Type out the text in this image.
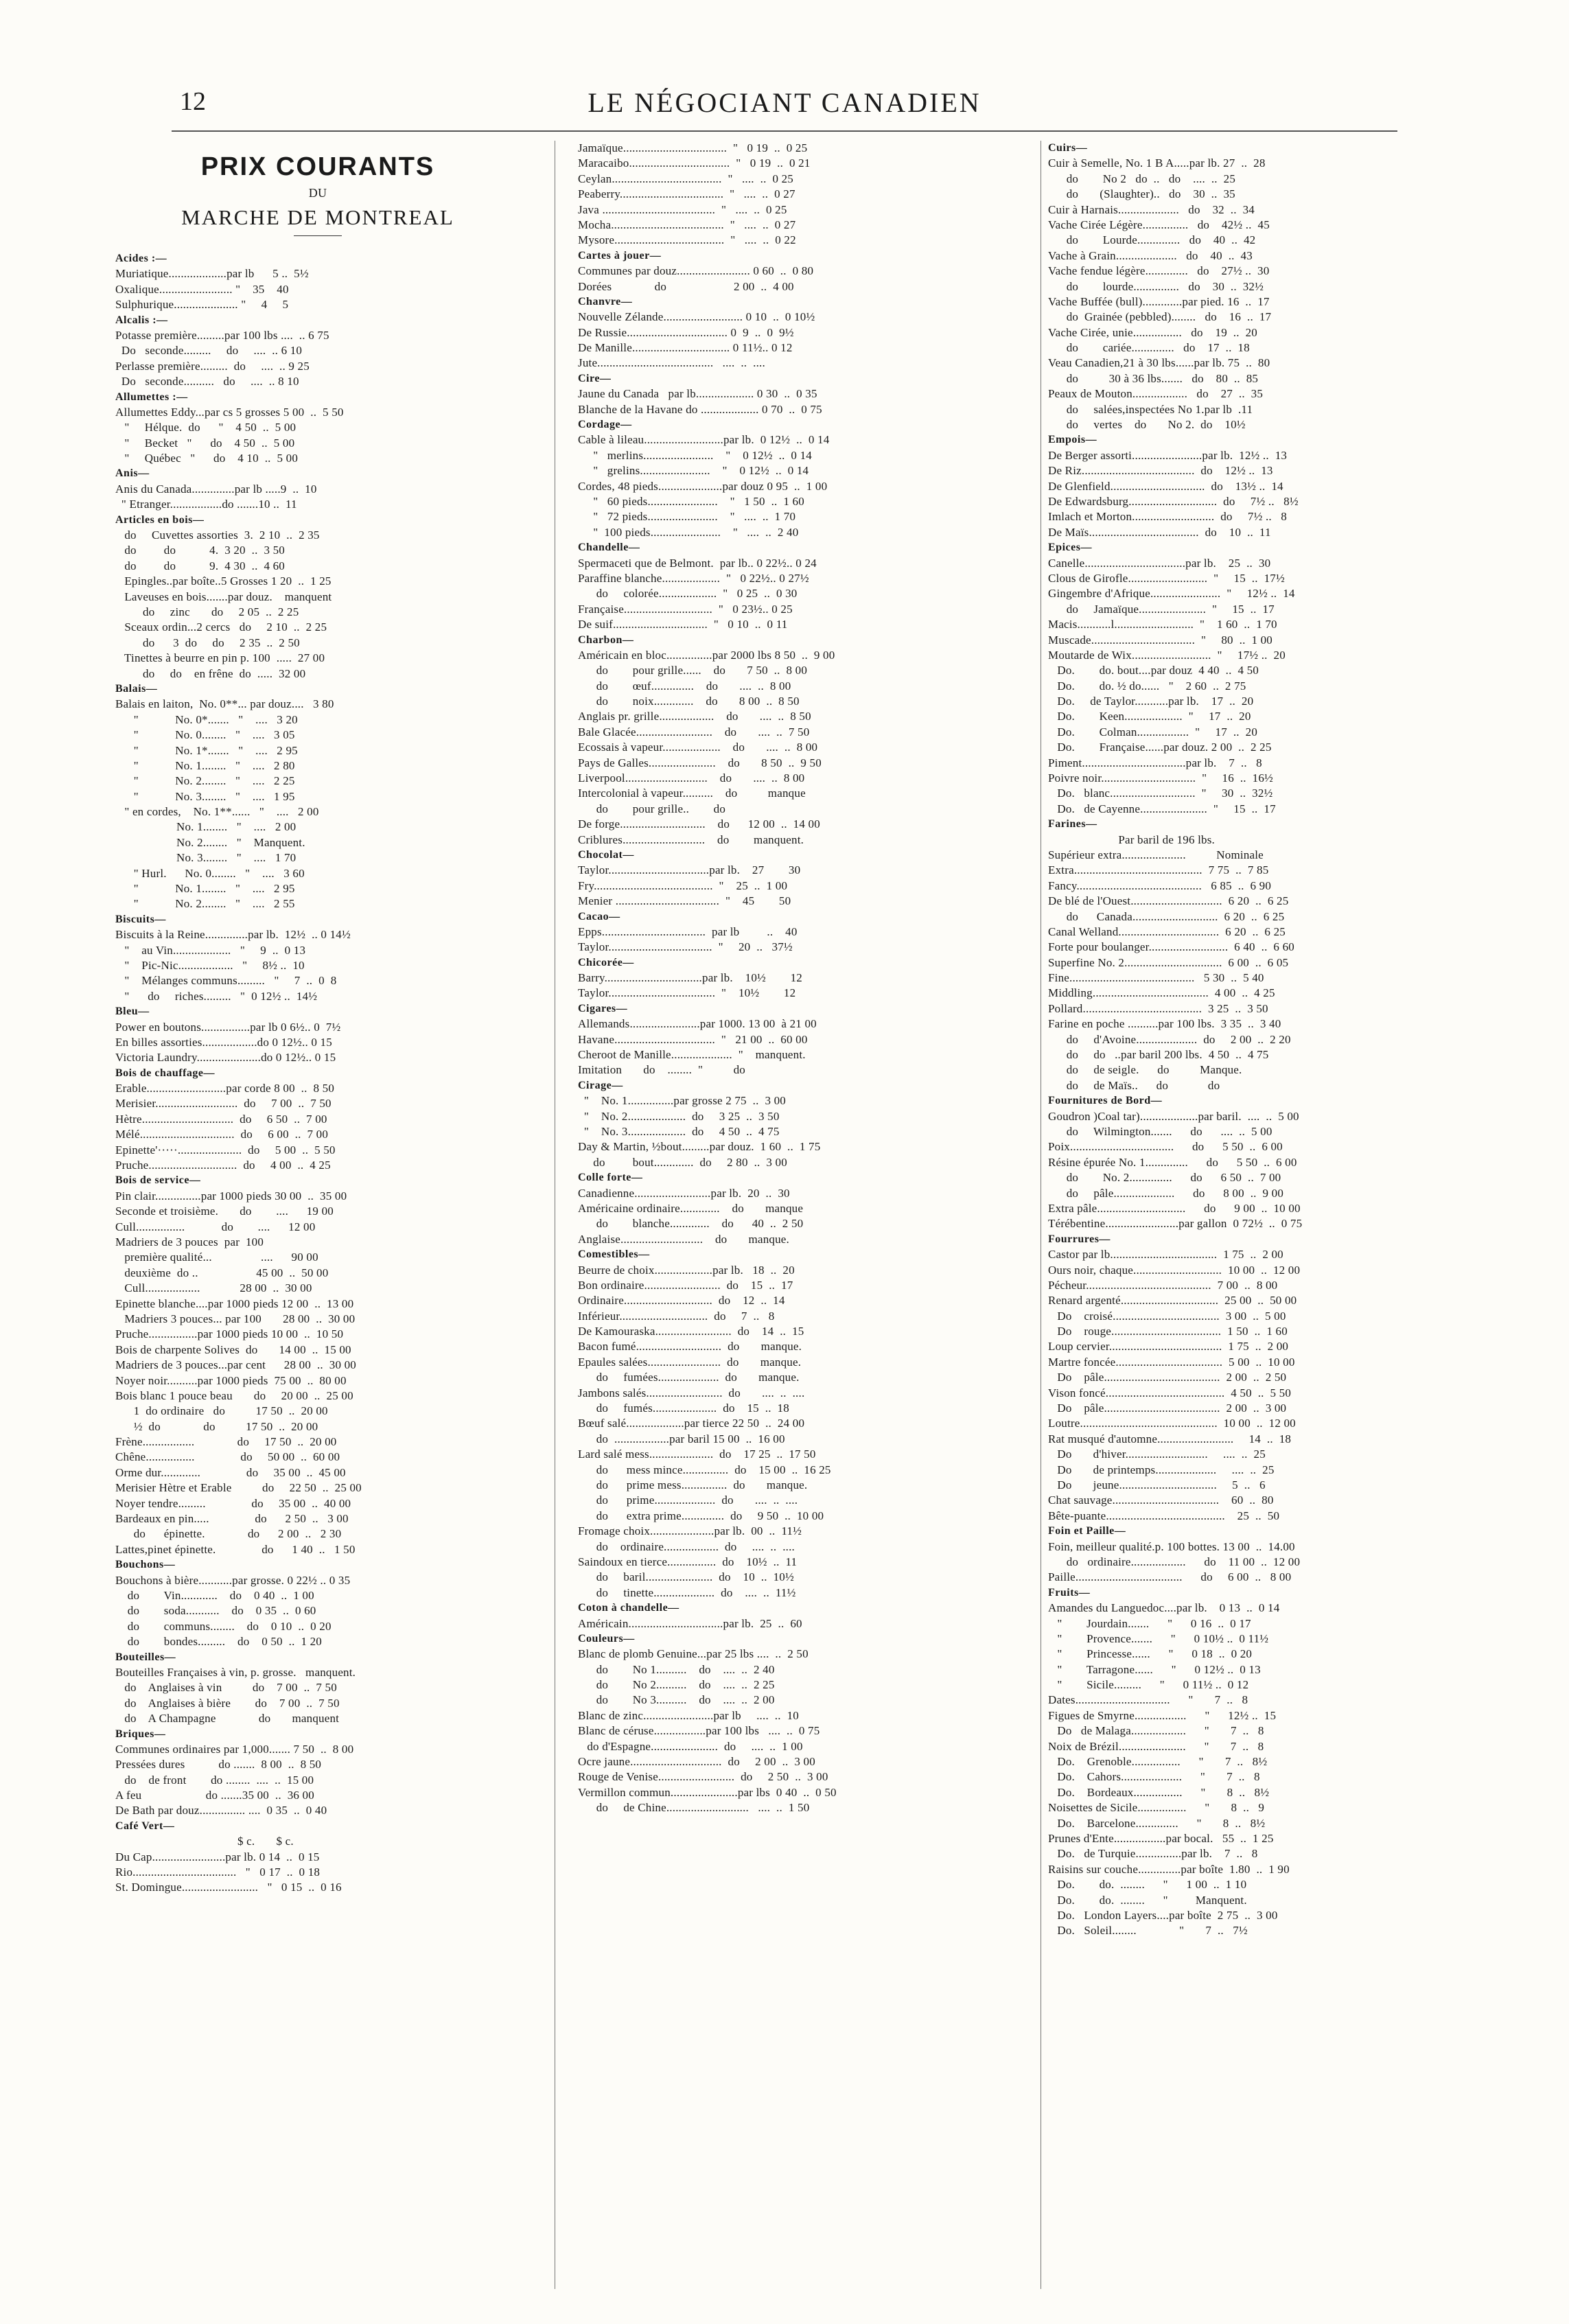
12	LE NÉGOCIANT CANADIEN
PRIX COURANTS
DU
MARCHE DE MONTREAL
Acides :—
Muriatique...................par lb      5 ..  5½
Oxalique........................ "    35    40
Sulphurique..................... "     4     5
Alcalis :—
Potasse première.........par 100 lbs ....  .. 6 75
Do   seconde.........     do     ....  .. 6 10
Perlasse première.........  do     ....  .. 9 25
Do   seconde..........   do     ....  .. 8 10
Allumettes :—
Allumettes Eddy...par cs 5 grosses 5 00  ..  5 50
"     Hélque.  do      "    4 50  ..  5 00
"     Becket   "      do    4 50  ..  5 00
"     Québec   "      do    4 10  ..  5 00
Anis—
Anis du Canada..............par lb .....9  ..  10
" Etranger.................do .......10 ..  11
Articles en bois—
do     Cuvettes assorties  3.  2 10  ..  2 35
do         do           4.  3 20  ..  3 50
do         do           9.  4 30  ..  4 60
Epingles..par boîte..5 Grosses 1 20  ..  1 25
Laveuses en bois.......par douz.    manquent
do     zinc       do     2 05  ..  2 25
Sceaux ordin...2 cercs   do     2 10  ..  2 25
do      3  do     do     2 35  ..  2 50
Tinettes à beurre en pin p. 100  .....  27 00
do     do    en frêne  do  .....  32 00
Balais—
Balais en laiton,  No. 0**... par douz....   3 80
"            No. 0*.......   "    ....   3 20
"            No. 0........   "    ....   3 05
"            No. 1*.......   "    ....   2 95
"            No. 1........   "    ....   2 80
"            No. 2........   "    ....   2 25
"            No. 3........   "    ....   1 95
" en cordes,    No. 1**......   "    ....   2 00
No. 1........   "    ....   2 00
No. 2........   "    Manquent.
No. 3........   "    ....   1 70
" Hurl.      No. 0........   "    ....   3 60
"            No. 1........   "    ....   2 95
"            No. 2........   "    ....   2 55
Biscuits—
Biscuits à la Reine..............par lb.  12½  .. 0 14½
"    au Vin...................   "     9  ..  0 13
"    Pic-Nic..................   "     8½ ..  10
"    Mélanges communs.........   "     7  ..  0  8
"      do     riches.........   "  0 12½ ..  14½
Bleu—
Power en boutons................par lb 0 6½.. 0  7½
En billes assorties..................do 0 12½.. 0 15
Victoria Laundry.....................do 0 12½.. 0 15
Bois de chauffage—
Erable..........................par corde 8 00  ..  8 50
Merisier...........................  do     7 00  ..  7 50
Hètre..............................  do     6 50  ..  7 00
Mélé...............................  do     6 00  ..  7 00
Epinette'·····.....................  do     5 00  ..  5 50
Pruche.............................  do     4 00  ..  4 25
Bois de service—
Pin clair...............par 1000 pieds 30 00  ..  35 00
Seconde et troisième.       do        ....      19 00
Cull................            do        ....      12 00
Madriers de 3 pouces  par  100
première qualité...                ....      90 00
deuxième  do ..                   45 00  ..  50 00
Cull..................             28 00  ..  30 00
Epinette blanche....par 1000 pieds 12 00  ..  13 00
Madriers 3 pouces... par 100       28 00  ..  30 00
Pruche................par 1000 pieds 10 00  ..  10 50
Bois de charpente Solives  do       14 00  ..  15 00
Madriers de 3 pouces...par cent      28 00  ..  30 00
Noyer noir..........par 1000 pieds  75 00  ..  80 00
Bois blanc 1 pouce beau       do     20 00  ..  25 00
1  do ordinaire   do          17 50  ..  20 00
½  do              do          17 50  ..  20 00
Frène.................              do     17 50  ..  20 00
Chêne................               do     50 00  ..  60 00
Orme dur.............               do     35 00  ..  45 00
Merisier Hètre et Erable          do     22 50  ..  25 00
Noyer tendre.........               do     35 00  ..  40 00
Bardeaux en pin.....               do      2 50  ..   3 00
do      épinette.              do      2 00  ..   2 30
Lattes,pinet épinette.               do      1 40  ..   1 50
Bouchons—
Bouchons à bière...........par grosse. 0 22½ .. 0 35
do        Vin............    do    0 40  ..  1 00
do        soda...........    do    0 35  ..  0 60
do        communs........    do    0 10  ..  0 20
do        bondes.........    do    0 50  ..  1 20
Bouteilles—
Bouteilles Françaises à vin, p. grosse.   manquent.
do    Anglaises à vin          do    7 00  ..  7 50
do    Anglaises à bière        do    7 00  ..  7 50
do    A Champagne              do       manquent
Briques—
Communes ordinaires par 1,000....... 7 50  ..  8 00
Pressées dures           do .......  8 00  ..  8 50
do    de front        do ........  ....  ..  15 00
A feu                     do .......35 00  ..  36 00
De Bath par douz............... ....  0 35  ..  0 40
Café Vert—
$ c.       $ c.
Du Cap........................par lb. 0 14  ..  0 15
Rio..................................   "   0 17  ..  0 18
St. Domingue.........................   "   0 15  ..  0 16
Jamaïque..................................  "   0 19  ..  0 25
Maracaibo.................................  "   0 19  ..  0 21
Ceylan....................................  "   ....  ..  0 25
Peaberry..................................  "   ....  ..  0 27
Java .....................................  "   ....  ..  0 25
Mocha.....................................  "   ....  ..  0 27
Mysore....................................  "   ....  ..  0 22
Cartes à jouer—
Communes par douz........................ 0 60  ..  0 80
Dorées              do                      2 00  ..  4 00
Chanvre—
Nouvelle Zélande.......................... 0 10  ..  0 10½
De Russie................................. 0  9  ..  0  9½
De Manille................................ 0 11½.. 0 12
Jute......................................   ....  ..  ....
Cire—
Jaune du Canada   par lb................... 0 30  ..  0 35
Blanche de la Havane do ................... 0 70  ..  0 75
Cordage—
Cable à lileau..........................par lb.  0 12½  ..  0 14
"   merlins.......................    "    0 12½  ..  0 14
"   grelins.......................    "    0 12½  ..  0 14
Cordes, 48 pieds.....................par douz 0 95  ..  1 00
"   60 pieds.......................    "   1 50  ..  1 60
"   72 pieds.......................    "   ....  ..  1 70
"  100 pieds.......................    "   ....  ..  2 40
Chandelle—
Spermaceti que de Belmont.  par lb.. 0 22½.. 0 24
Paraffine blanche...................  "   0 22½.. 0 27½
do     colorée...................  "   0 25  ..  0 30
Française.............................  "   0 23½.. 0 25
De suif...............................  "   0 10  ..  0 11
Charbon—
Américain en bloc...............par 2000 lbs 8 50  ..  9 00
do        pour grille......    do       7 50  ..  8 00
do        œuf..............    do       ....  ..  8 00
do        noix.............    do       8 00  ..  8 50
Anglais pr. grille..................    do       ....  ..  8 50
Bale Glacée.........................    do       ....  ..  7 50
Ecossais à vapeur...................    do       ....  ..  8 00
Pays de Galles......................    do       8 50  ..  9 50
Liverpool...........................    do       ....  ..  8 00
Intercolonial à vapeur..........    do          manque
do        pour grille..        do
De forge............................    do      12 00  ..  14 00
Criblures...........................    do        manquent.
Chocolat—
Taylor.................................par lb.    27        30
Fry.......................................  "    25  ..  1 00
Menier ..................................  "    45        50
Cacao—
Epps..................................  par lb         ..    40
Taylor..................................  "     20  ..   37½
Chicorée—
Barry................................par lb.    10½        12
Taylor...................................  "    10½        12
Cigares—
Allemands.......................par 1000. 13 00  à 21 00
Havane.................................  "   21 00  ..  60 00
Cheroot de Manille....................  "    manquent.
Imitation       do    ........  "          do
Cirage—
"    No. 1...............par grosse 2 75  ..  3 00
"    No. 2...................  do     3 25  ..  3 50
"    No. 3...................  do     4 50  ..  4 75
Day & Martin, ½bout.........par douz.  1 60  ..  1 75
do         bout.............  do     2 80  ..  3 00
Colle forte—
Canadienne.........................par lb.  20  ..  30
Américaine ordinaire.............    do       manque
do        blanche.............    do      40  ..  2 50
Anglaise...........................    do       manque.
Comestibles—
Beurre de choix...................par lb.   18  ..  20
Bon ordinaire.........................  do    15  ..  17
Ordinaire.............................  do    12  ..  14
Inférieur.............................  do     7  ..   8
De Kamouraska.........................  do    14  ..  15
Bacon fumé............................  do       manque.
Epaules salées........................  do       manque.
do     fumées....................  do       manque.
Jambons salés.........................  do       ....  ..  ....
do     fumés.....................  do    15  ..  18
Bœuf salé...................par tierce 22 50  ..  24 00
do  ..................par baril 15 00  ..  16 00
Lard salé mess.....................  do    17 25  ..  17 50
do      mess mince...............  do    15 00  ..  16 25
do      prime mess...............  do       manque.
do      prime....................  do       ....  ..  ....
do      extra prime..............  do     9 50  ..  10 00
Fromage choix.....................par lb.  00  ..  11½
do    ordinaire..................  do     ....  ..  ....
Saindoux en tierce................  do    10½  ..  11
do     baril......................  do    10  ..  10½
do     tinette....................  do    ....  ..  11½
Coton à chandelle—
Américain...............................par lb.  25  ..  60
Couleurs—
Blanc de plomb Genuine...par 25 lbs ....  ..  2 50
do        No 1..........    do    ....  ..  2 40
do        No 2..........    do    ....  ..  2 25
do        No 3..........    do    ....  ..  2 00
Blanc de zinc.......................par lb     ....  ..  10
Blanc de céruse.................par 100 lbs   ....  ..  0 75
do d'Espagne......................  do     ....  ..  1 00
Ocre jaune..............................  do     2 00  ..  3 00
Rouge de Venise.........................  do     2 50  ..  3 00
Vermillon commun......................par lbs  0 40  ..  0 50
do     de Chine...........................   ....  ..  1 50
Cuirs—
Cuir à Semelle, No. 1 B A.....par lb. 27  ..  28
do        No 2   do  ..   do    ....  ..  25
do       (Slaughter)..   do    30  ..  35
Cuir à Harnais....................   do    32  ..  34
Vache Cirée Légère...............   do    42½ ..  45
do        Lourde..............   do    40  ..  42
Vache à Grain....................   do    40  ..  43
Vache fendue légère..............   do    27½ ..  30
do        lourde...............   do    30  ..  32½
Vache Buffée (bull).............par pied. 16  ..  17
do  Grainée (pebbled)........   do    16  ..  17
Vache Cirée, unie................   do    19  ..  20
do        cariée..............   do    17  ..  18
Veau Canadien,21 à 30 lbs......par lb. 75  ..  80
do          30 à 36 lbs.......   do    80  ..  85
Peaux de Mouton..................   do    27  ..  35
do     salées,inspectées No 1.par lb  .11
do     vertes    do       No 2.  do    10½
Empois—
De Berger assorti.......................par lb.  12½ ..  13
De Riz.....................................  do    12½ ..  13
De Glenfield...............................  do    13½ ..  14
De Edwardsburg.............................  do     7½ ..   8½
Imlach et Morton...........................  do     7½ ..   8
De Maïs....................................  do    10  ..  11
Epices—
Canelle.................................par lb.    25  ..  30
Clous de Girofle..........................  "     15  ..  17½
Gingembre d'Afrique.......................  "     12½ ..  14
do     Jamaïque......................  "     15  ..  17
Macis...........l..........................  "    1 60  ..  1 70
Muscade..................................  "     80  ..  1 00
Moutarde de Wix..........................  "     17½ ..  20
Do.        do. bout....par douz  4 40  ..  4 50
Do.        do. ½ do......   "    2 60  ..  2 75
Do.     de Taylor...........par lb.    17  ..  20
Do.        Keen...................  "     17  ..  20
Do.        Colman.................  "     17  ..  20
Do.        Française......par douz. 2 00  ..  2 25
Piment..................................par lb.    7  ..   8
Poivre noir...............................  "     16  ..  16½
Do.   blanc............................  "     30  ..  32½
Do.   de Cayenne......................  "     15  ..  17
Farines—
Par baril de 196 lbs.
Supérieur extra.....................          Nominale
Extra..........................................  7 75  ..  7 85
Fancy.........................................   6 85  ..  6 90
De blé de l'Ouest..............................  6 20  ..  6 25
do      Canada............................  6 20  ..  6 25
Canal Welland.................................  6 20  ..  6 25
Forte pour boulanger..........................  6 40  ..  6 60
Superfine No. 2................................  6 00  ..  6 05
Fine.........................................   5 30  ..  5 40
Middling......................................  4 00  ..  4 25
Pollard.......................................  3 25  ..  3 50
Farine en poche ..........par 100 lbs.  3 35  ..  3 40
do     d'Avoine....................  do     2 00  ..  2 20
do     do   ..par baril 200 lbs.  4 50  ..  4 75
do     de seigle.      do          Manque.
do     de Maïs..      do             do
Fournitures de Bord—
Goudron )Coal tar)...................par baril.  ....  ..  5 00
do     Wilmington.......      do      ....  ..  5 00
Poix..................................      do      5 50  ..  6 00
Résine épurée No. 1..............      do      5 50  ..  6 00
do        No. 2..............      do      6 50  ..  7 00
do     pâle....................      do      8 00  ..  9 00
Extra pâle.............................      do      9 00  ..  10 00
Térébentine........................par gallon  0 72½  ..  0 75
Fourrures—
Castor par lb...................................  1 75  ..  2 00
Ours noir, chaque.............................  10 00  ..  12 00
Pécheur.........................................  7 00  ..  8 00
Renard argenté................................  25 00  ..  50 00
Do    croisé...................................  3 00  ..  5 00
Do    rouge....................................  1 50  ..  1 60
Loup cervier.....................................  1 75  ..  2 00
Martre foncée...................................  5 00  ..  10 00
Do    pâle......................................  2 00  ..  2 50
Vison foncé.......................................  4 50  ..  5 50
Do    pâle......................................  2 00  ..  3 00
Loutre.............................................  10 00  ..  12 00
Rat musqué d'automne.........................     14  ..  18
Do       d'hiver...........................     ....  ..  25
Do       de printemps....................     ....  ..  25
Do       jeune................................     5  ..   6
Chat sauvage...................................    60  ..  80
Bête-puante.......................................    25  ..  50
Foin et Paille—
Foin, meilleur qualité.p. 100 bottes. 13 00  ..  14.00
do   ordinaire..................      do    11 00  ..  12 00
Paille...................................      do     6 00  ..   8 00
Fruits—
Amandes du Languedoc....par lb.    0 13  ..  0 14
"        Jourdain.......      "      0 16  ..  0 17
"        Provence.......      "      0 10½ ..  0 11½
"        Princesse......      "      0 18  ..  0 20
"        Tarragone......      "      0 12½ ..  0 13
"        Sicile.........      "      0 11½ ..  0 12
Dates...............................      "       7  ..   8
Figues de Smyrne.................      "      12½ ..  15
Do   de Malaga..................      "       7  ..   8
Noix de Brézil......................      "       7  ..   8
Do.    Grenoble................      "       7  ..   8½
Do.    Cahors....................      "       7  ..   8
Do.    Bordeaux................      "       8  ..   8½
Noisettes de Sicile................      "       8  ..   9
Do.    Barcelone..............      "       8  ..   8½
Prunes d'Ente.................par bocal.   55  ..  1 25
Do.   de Turquie...............par lb.    7  ..   8
Raisins sur couche..............par boîte  1.80  ..  1 90
Do.        do.  ........      "      1 00  ..  1 10
Do.        do.  ........      "         Manquent.
Do.   London Layers....par boîte  2 75  ..  3 00
Do.   Soleil........              "       7  ..   7½
